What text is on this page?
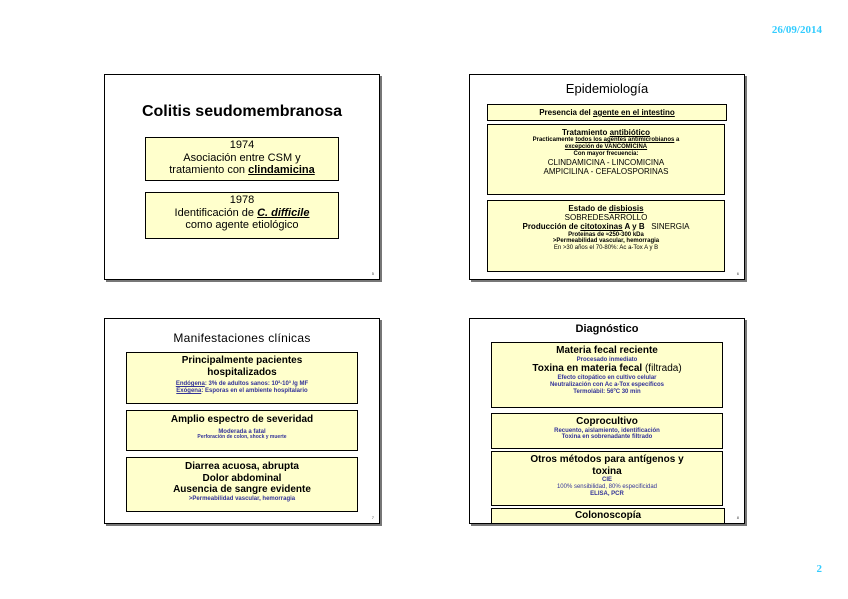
26/09/2014
Colitis seudomembranosa
1974
Asociación entre CSM y
tratamiento con clindamicina
1978
Identificación de C. difficile
como agente etiológico
5
Epidemiología
Presencia del agente en el intestino
Tratamiento antibiótico
Practicamente todos los agentes antimicrobianos a
excepción de VANCOMICINA
Con mayor frecuencia:
CLINDAMICINA - LINCOMICINA
AMPICILINA - CEFALOSPORINAS
Estado de disbiosis
SOBREDESARROLLO
Producción de citotoxinas A y B SINERGIA
Proteínas de ≈250-300 kDa
>Permeabilidad vascular, hemorragia
En >30 años el 70-80%: Ac a-Tox A y B
6
Manifestaciones clínicas
Principalmente pacientes
hospitalizados
Endógena: 3% de adultos sanos: 10²-10³ /g MF
Exógena: Esporas en el ambiente hospitalario
Amplio espectro de severidad
Moderada a fatal
Perforación de colon, shock y muerte
Diarrea acuosa, abrupta
Dolor abdominal
Ausencia de sangre evidente
>Permeabilidad vascular, hemorragia
7
Diagnóstico
Materia fecal reciente
Procesado inmediato
Toxina en materia fecal (filtrada)
Efecto citopático en cultivo celular
Neutralización con Ac a-Tox específicos
Termolábil: 56ºC 30 min
Coprocultivo
Recuento, aislamiento, identificación
Toxina en sobrenadante filtrado
Otros métodos para antígenos y
toxina
CIE
100% sensibilidad, 80% especificidad
ELISA, PCR
Colonoscopía	8
2
